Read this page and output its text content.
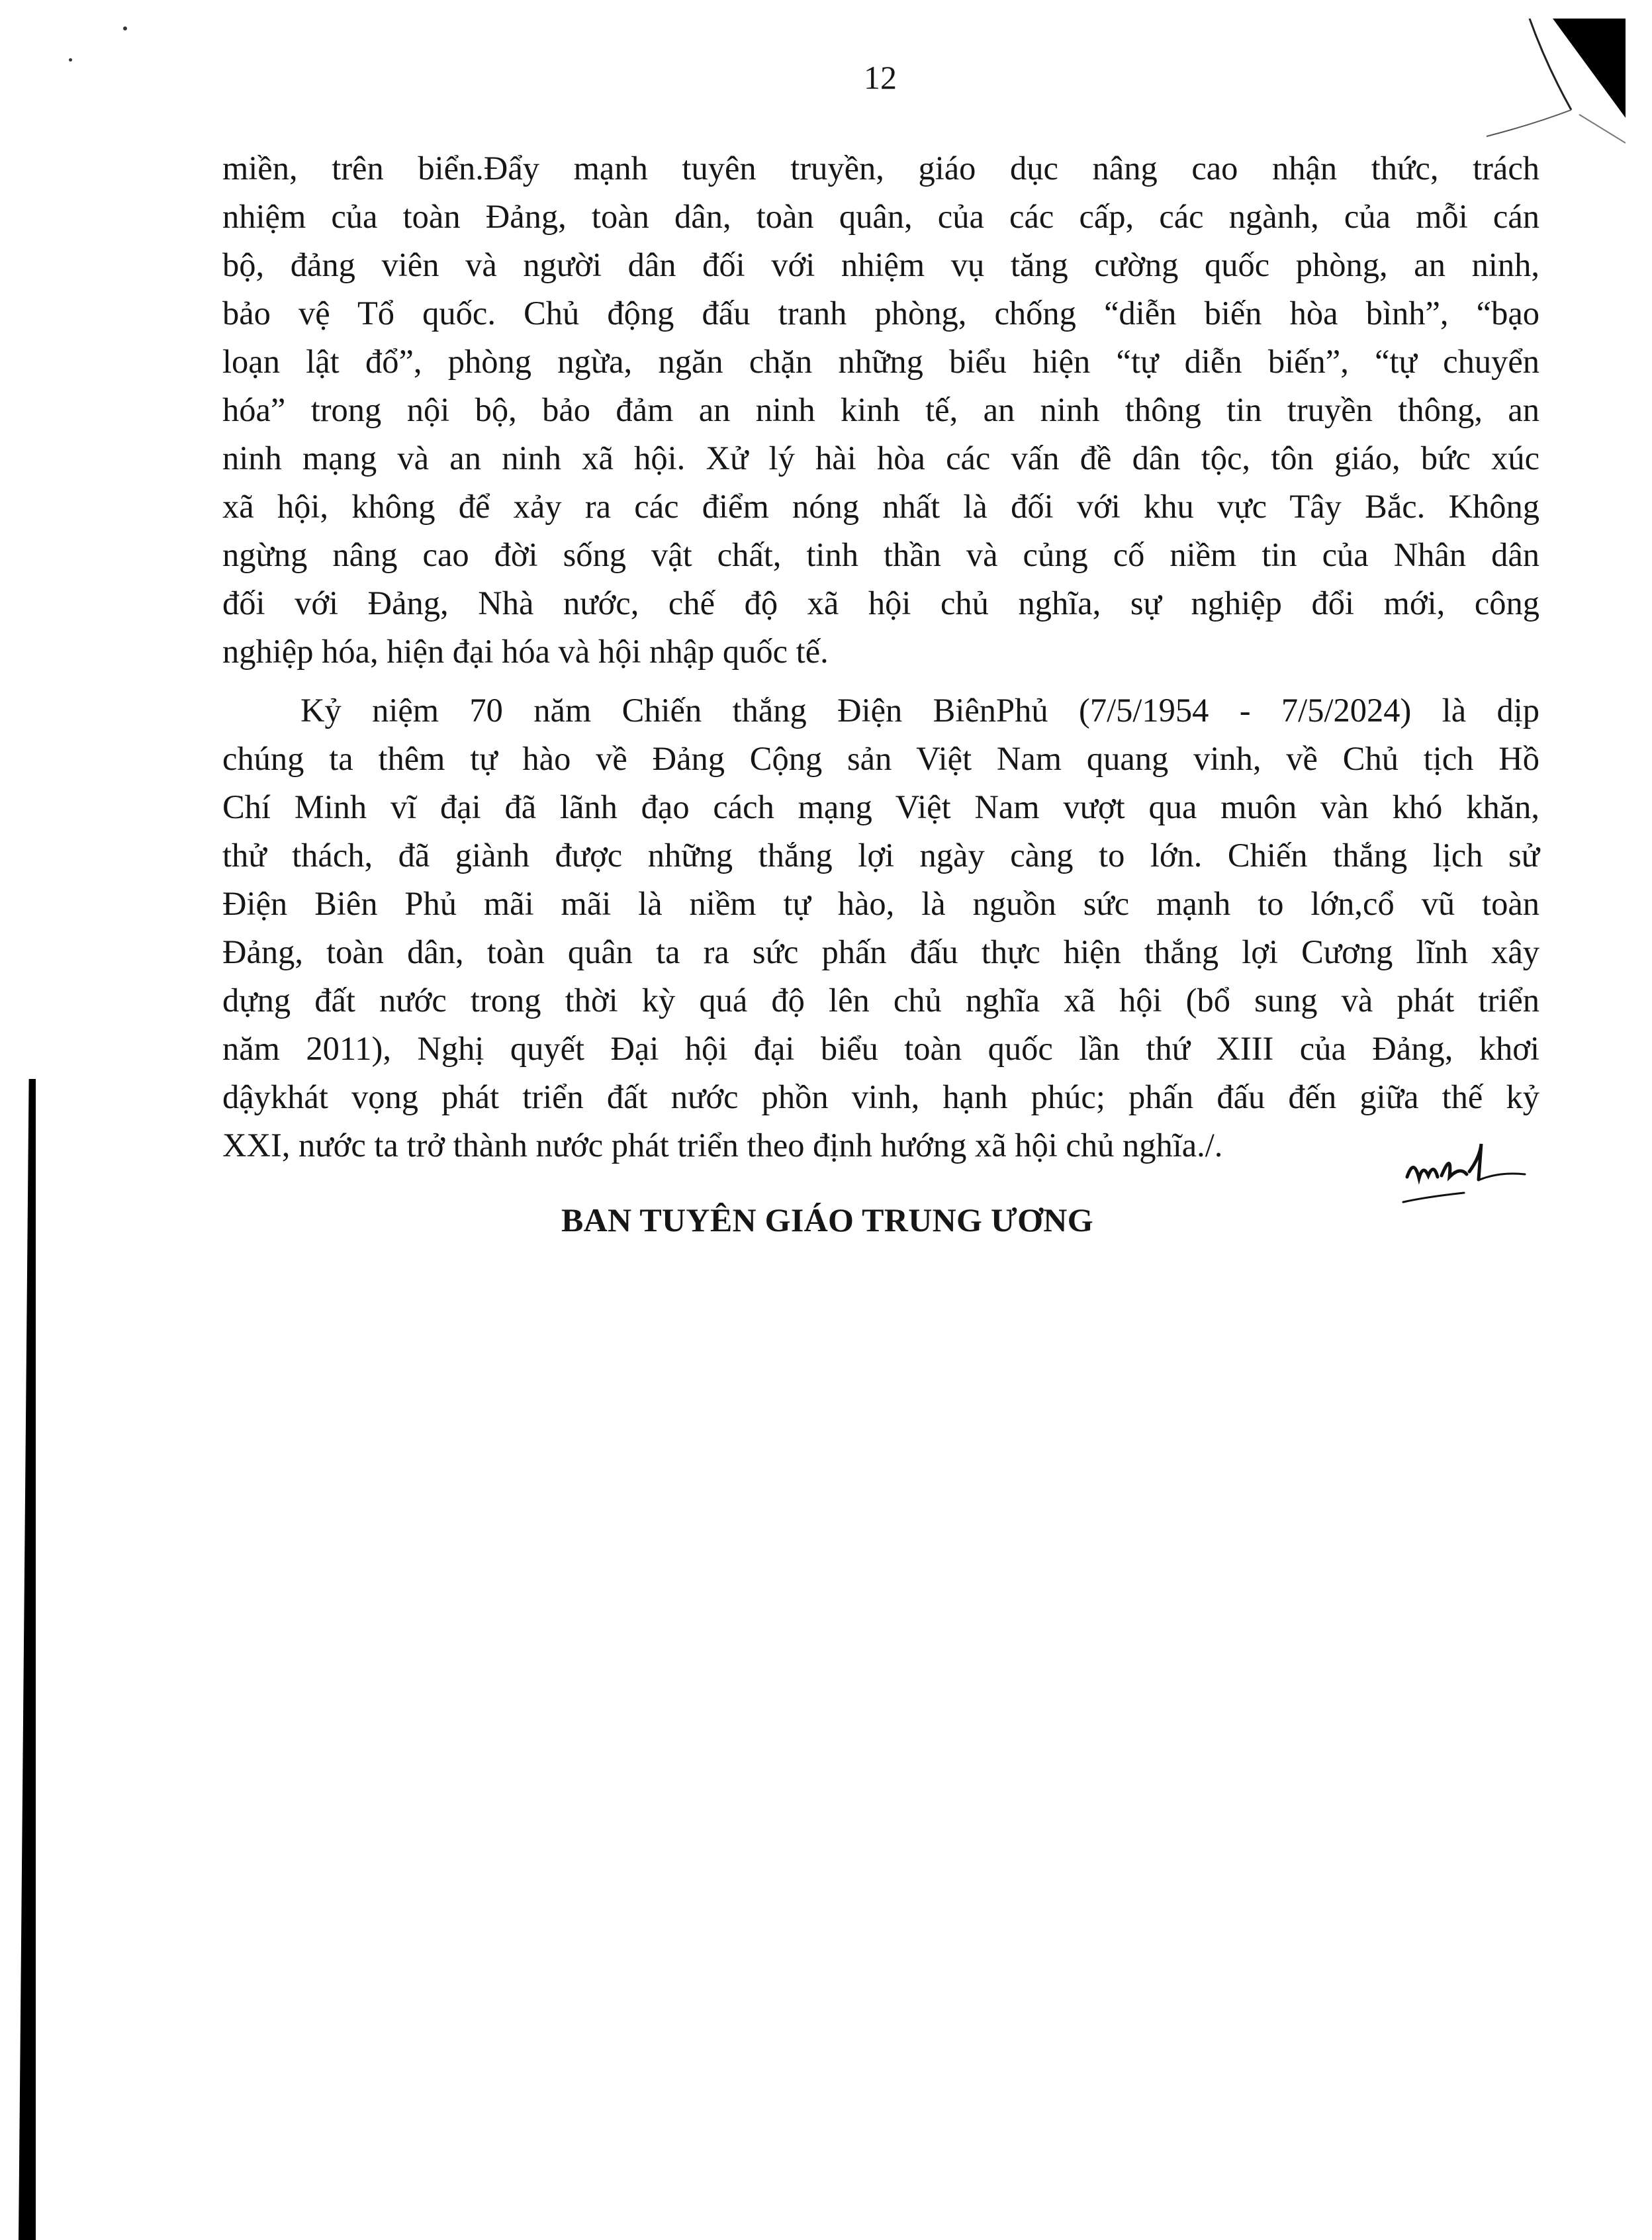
12
miền, trên biển.Đẩy mạnh tuyên truyền, giáo dục nâng cao nhận thức, trách
nhiệm của toàn Đảng, toàn dân, toàn quân, của các cấp, các ngành, của mỗi cán
bộ, đảng viên và người dân đối với nhiệm vụ tăng cường quốc phòng, an ninh,
bảo vệ Tổ quốc. Chủ động đấu tranh phòng, chống “diễn biến hòa bình”, “bạo
loạn lật đổ”, phòng ngừa, ngăn chặn những biểu hiện “tự diễn biến”, “tự chuyển
hóa” trong nội bộ, bảo đảm an ninh kinh tế, an ninh thông tin truyền thông, an
ninh mạng và an ninh xã hội. Xử lý hài hòa các vấn đề dân tộc, tôn giáo, bức xúc
xã hội, không để xảy ra các điểm nóng nhất là đối với khu vực Tây Bắc. Không
ngừng nâng cao đời sống vật chất, tinh thần và củng cố niềm tin của Nhân dân
đối với Đảng, Nhà nước, chế độ xã hội chủ nghĩa, sự nghiệp đổi mới, công
nghiệp hóa, hiện đại hóa và hội nhập quốc tế.
Kỷ niệm 70 năm Chiến thắng Điện BiênPhủ (7/5/1954 - 7/5/2024) là dịp
chúng ta thêm tự hào về Đảng Cộng sản Việt Nam quang vinh, về Chủ tịch Hồ
Chí Minh vĩ đại đã lãnh đạo cách mạng Việt Nam vượt qua muôn vàn khó khăn,
thử thách, đã giành được những thắng lợi ngày càng to lớn. Chiến thắng lịch sử
Điện Biên Phủ mãi mãi là niềm tự hào, là nguồn sức mạnh to lớn,cổ vũ toàn
Đảng, toàn dân, toàn quân ta ra sức phấn đấu thực hiện thắng lợi Cương lĩnh xây
dựng đất nước trong thời kỳ quá độ lên chủ nghĩa xã hội (bổ sung và phát triển
năm 2011), Nghị quyết Đại hội đại biểu toàn quốc lần thứ XIII của Đảng, khơi
dậykhát vọng phát triển đất nước phồn vinh, hạnh phúc; phấn đấu đến giữa thế kỷ
XXI, nước ta trở thành nước phát triển theo định hướng xã hội chủ nghĩa./.
BAN TUYÊN GIÁO TRUNG ƯƠNG
